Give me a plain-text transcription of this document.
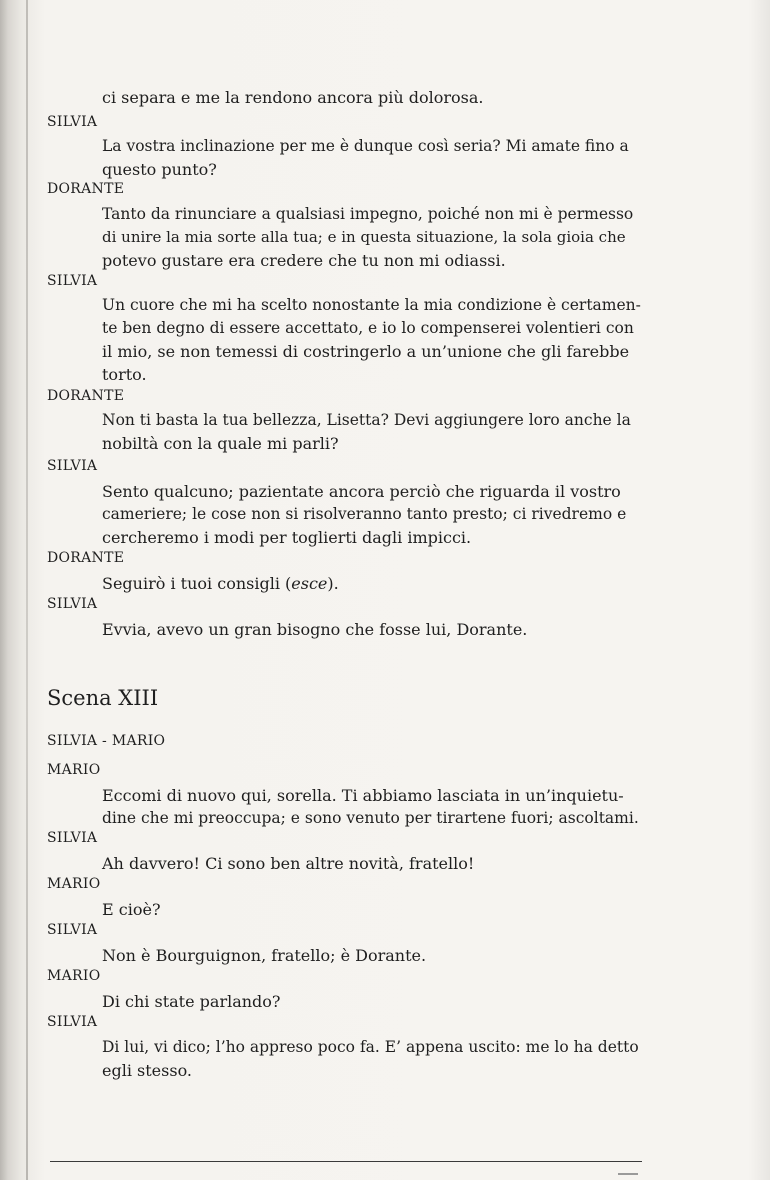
ci separa e me la rendono ancora più dolorosa.
SILVIA
La vostra inclinazione per me è dunque così seria? Mi amate fino a
questo punto?
DORANTE
Tanto da rinunciare a qualsiasi impegno, poiché non mi è permesso
di unire la mia sorte alla tua; e in questa situazione, la sola gioia che
potevo gustare era credere che tu non mi odiassi.
SILVIA
Un cuore che mi ha scelto nonostante la mia condizione è certamen-
te ben degno di essere accettato, e io lo compenserei volentieri con
il mio, se non temessi di costringerlo a un’unione che gli farebbe
torto.
DORANTE
Non ti basta la tua bellezza, Lisetta? Devi aggiungere loro anche la
nobiltà con la quale mi parli?
SILVIA
Sento qualcuno; pazientate ancora perciò che riguarda il vostro
cameriere; le cose non si risolveranno tanto presto; ci rivedremo e
cercheremo i modi per toglierti dagli impicci.
DORANTE
Seguirò i tuoi consigli (esce).
SILVIA
Evvia, avevo un gran bisogno che fosse lui, Dorante.
Scena XIII
SILVIA - MARIO
MARIO
Eccomi di nuovo qui, sorella. Ti abbiamo lasciata in un’inquietu-
dine che mi preoccupa; e sono venuto per tirartene fuori; ascoltami.
SILVIA
Ah davvero! Ci sono ben altre novità, fratello!
MARIO
E cioè?
SILVIA
Non è Bourguignon, fratello; è Dorante.
MARIO
Di chi state parlando?
SILVIA
Di lui, vi dico; l’ho appreso poco fa. E’ appena uscito: me lo ha detto
egli stesso.
